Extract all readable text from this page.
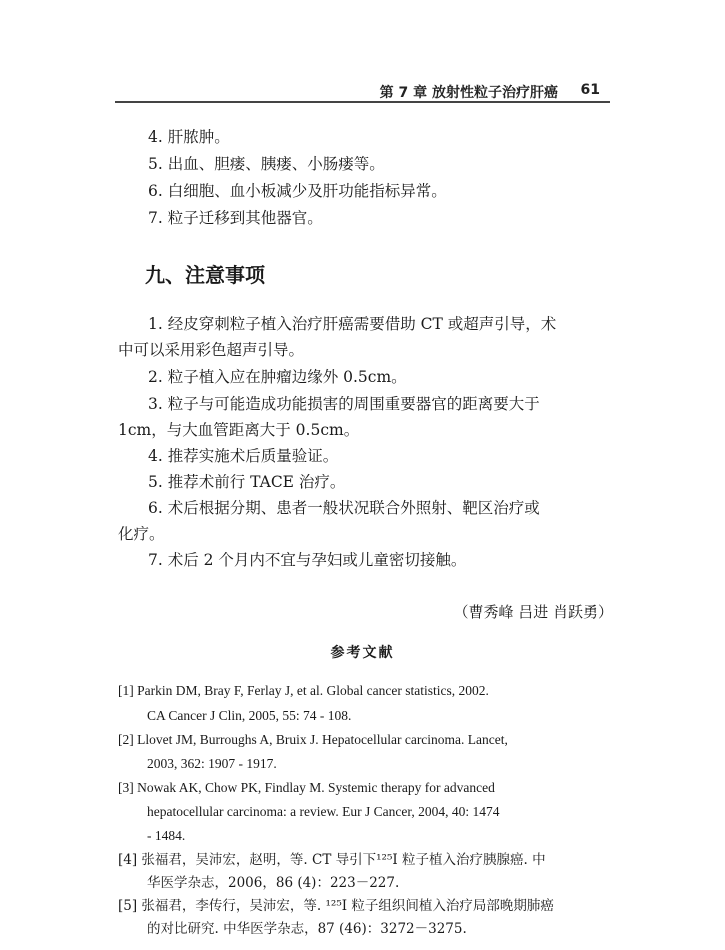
第 7 章 放射性粒子治疗肝癌 61
4. 肝脓肿。
5. 出血、胆瘘、胰瘘、小肠瘘等。
6. 白细胞、血小板减少及肝功能指标异常。
7. 粒子迁移到其他器官。
九、注意事项
1. 经皮穿刺粒子植入治疗肝癌需要借助 CT 或超声引导，术
中可以采用彩色超声引导。
2. 粒子植入应在肿瘤边缘外 0.5cm。
3. 粒子与可能造成功能损害的周围重要器官的距离要大于
1cm，与大血管距离大于 0.5cm。
4. 推荐实施术后质量验证。
5. 推荐术前行 TACE 治疗。
6. 术后根据分期、患者一般状况联合外照射、靶区治疗或
化疗。
7. 术后 2 个月内不宜与孕妇或儿童密切接触。
（曹秀峰 吕进 肖跃勇）
参考文献
[1] Parkin DM, Bray F, Ferlay J, et al. Global cancer statistics, 2002.
CA Cancer J Clin, 2005, 55: 74 - 108.
[2] Llovet JM, Burroughs A, Bruix J. Hepatocellular carcinoma. Lancet,
2003, 362: 1907 - 1917.
[3] Nowak AK, Chow PK, Findlay M. Systemic therapy for advanced
hepatocellular carcinoma: a review. Eur J Cancer, 2004, 40: 1474
- 1484.
[4] 张福君，吴沛宏，赵明，等. CT 导引下¹²⁵I 粒子植入治疗胰腺癌. 中
华医学杂志，2006，86 (4)：223－227.
[5] 张福君，李传行，吴沛宏，等. ¹²⁵I 粒子组织间植入治疗局部晚期肺癌
的对比研究. 中华医学杂志，87 (46)：3272－3275.
